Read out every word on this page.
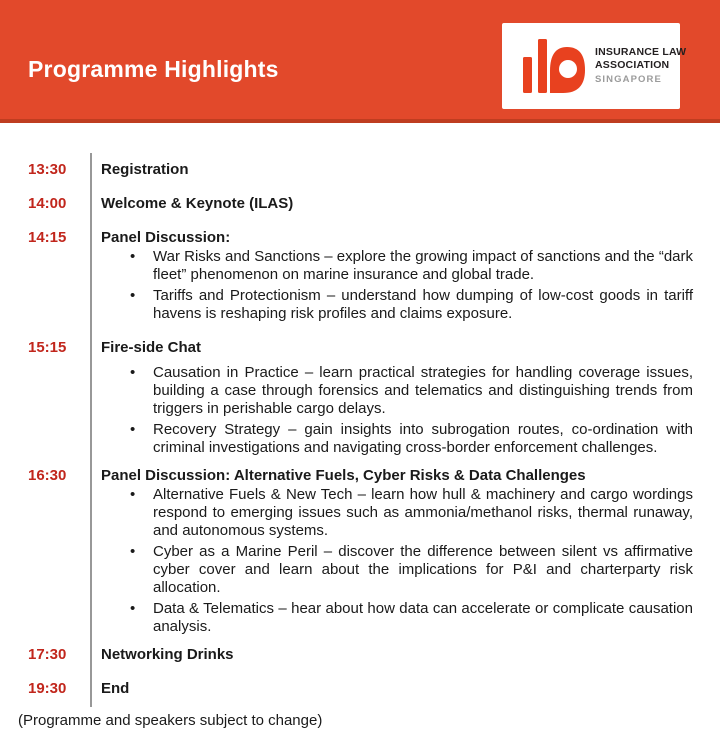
Programme Highlights
INSURANCE LAW
ASSOCIATION
SINGAPORE
13:30	Registration
14:00	Welcome & Keynote (ILAS)
14:15	Panel Discussion:
• War Risks and Sanctions – explore the growing impact of sanctions and the “dark fleet” phenomenon on marine insurance and global trade.
• Tariffs and Protectionism – understand how dumping of low-cost goods in tariff havens is reshaping risk profiles and claims exposure.
15:15	Fire-side Chat
• Causation in Practice – learn practical strategies for handling coverage issues, building a case through forensics and telematics and distinguishing trends from triggers in perishable cargo delays.
• Recovery Strategy – gain insights into subrogation routes, co-ordination with criminal investigations and navigating cross-border enforcement challenges.
16:30	Panel Discussion: Alternative Fuels, Cyber Risks & Data Challenges
• Alternative Fuels & New Tech – learn how hull & machinery and cargo wordings respond to emerging issues such as ammonia/methanol risks, thermal runaway, and autonomous systems.
• Cyber as a Marine Peril – discover the difference between silent vs affirmative cyber cover and learn about the implications for P&I and charterparty risk allocation.
• Data & Telematics – hear about how data can accelerate or complicate causation analysis.
17:30	Networking Drinks
19:30	End
(Programme and speakers subject to change)
